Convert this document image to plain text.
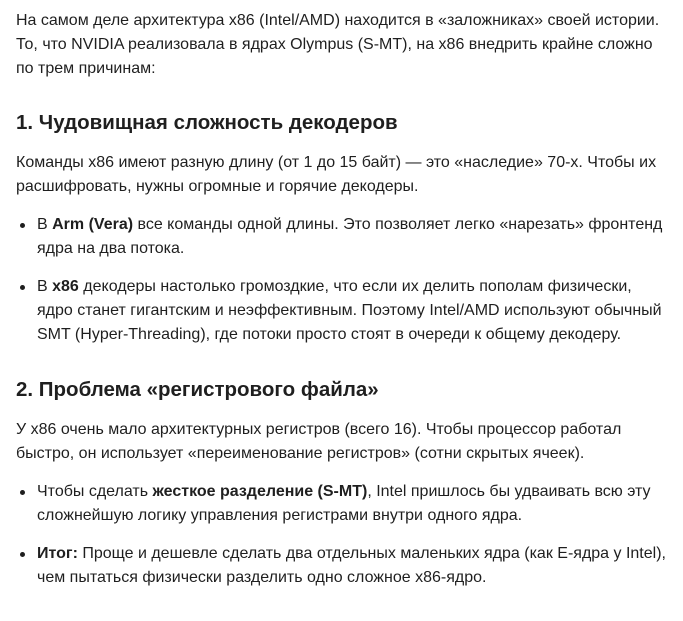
На самом деле архитектура x86 (Intel/AMD) находится в «заложниках» своей истории. То, что NVIDIA реализовала в ядрах Olympus (S-MT), на x86 внедрить крайне сложно по трем причинам:

1. Чудовищная сложность декодеров

Команды x86 имеют разную длину (от 1 до 15 байт) — это «наследие» 70-х. Чтобы их расшифровать, нужны огромные и горячие декодеры.

В Arm (Vera) все команды одной длины. Это позволяет легко «нарезать» фронтенд ядра на два потока.
В x86 декодеры настолько громоздкие, что если их делить пополам физически, ядро станет гигантским и неэффективным. Поэтому Intel/AMD используют обычный SMT (Hyper-Threading), где потоки просто стоят в очереди к общему декодеру.
2. Проблема «регистрового файла»

У x86 очень мало архитектурных регистров (всего 16). Чтобы процессор работал быстро, он использует «переименование регистров» (сотни скрытых ячеек).

Чтобы сделать жесткое разделение (S-MT), Intel пришлось бы удваивать всю эту сложнейшую логику управления регистрами внутри одного ядра.
Итог: Проще и дешевле сделать два отдельных маленьких ядра (как E-ядра у Intel), чем пытаться физически разделить одно сложное x86-ядро.
